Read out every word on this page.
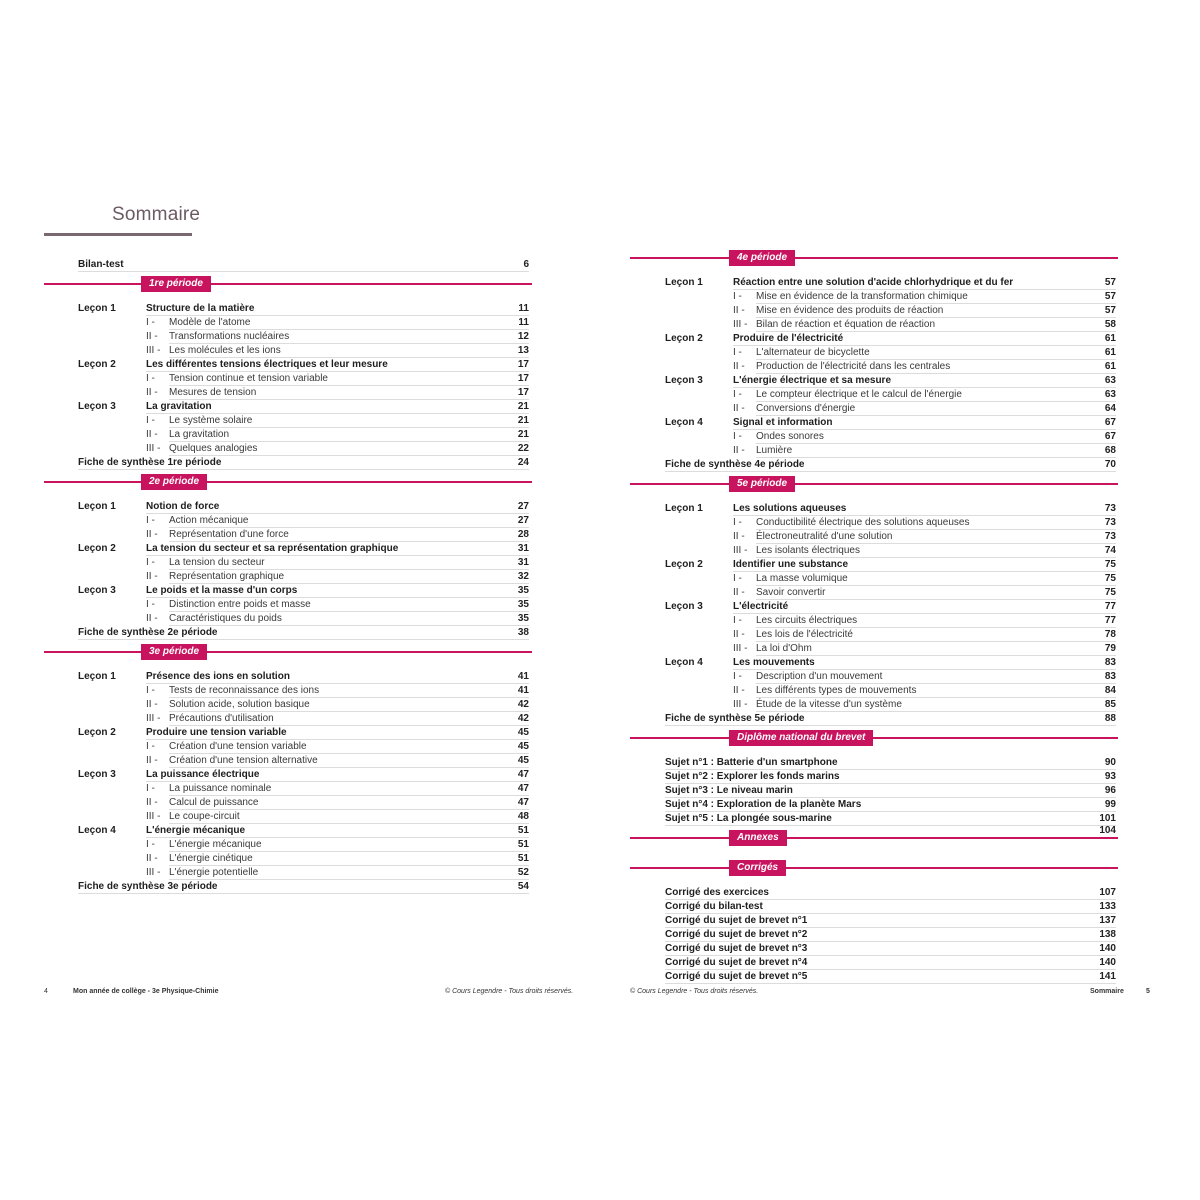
Sommaire
Bilan-test	6
1re période
Leçon 1	Structure de la matière	11
I - Modèle de l'atome	11
II - Transformations nucléaires	12
III - Les molécules et les ions	13
Leçon 2	Les différentes tensions électriques et leur mesure	17
I - Tension continue et tension variable	17
II - Mesures de tension	17
Leçon 3	La gravitation	21
I - Le système solaire	21
II - La gravitation	21
III - Quelques analogies	22
Fiche de synthèse 1re période	24
2e période
Leçon 1	Notion de force	27
I - Action mécanique	27
II - Représentation d'une force	28
Leçon 2	La tension du secteur et sa représentation graphique	31
I - La tension du secteur	31
II - Représentation graphique	32
Leçon 3	Le poids et la masse d'un corps	35
I - Distinction entre poids et masse	35
II - Caractéristiques du poids	35
Fiche de synthèse 2e période	38
3e période
Leçon 1	Présence des ions en solution	41
I - Tests de reconnaissance des ions	41
II - Solution acide, solution basique	42
III - Précautions d'utilisation	42
Leçon 2	Produire une tension variable	45
I - Création d'une tension variable	45
II - Création d'une tension alternative	45
Leçon 3	La puissance électrique	47
I - La puissance nominale	47
II - Calcul de puissance	47
III - Le coupe-circuit	48
Leçon 4	L'énergie mécanique	51
I - L'énergie mécanique	51
II - L'énergie cinétique	51
III - L'énergie potentielle	52
Fiche de synthèse 3e période	54
4	Mon année de collège - 3e Physique-Chimie	© Cours Legendre - Tous droits réservés.
4e période
Leçon 1	Réaction entre une solution d'acide chlorhydrique et du fer	57
I - Mise en évidence de la transformation chimique	57
II - Mise en évidence des produits de réaction	57
III - Bilan de réaction et équation de réaction	58
Leçon 2	Produire de l'électricité	61
I - L'alternateur de bicyclette	61
II - Production de l'électricité dans les centrales	61
Leçon 3	L'énergie électrique et sa mesure	63
I - Le compteur électrique et le calcul de l'énergie	63
II - Conversions d'énergie	64
Leçon 4	Signal et information	67
I - Ondes sonores	67
II - Lumière	68
Fiche de synthèse 4e période	70
5e période
Leçon 1	Les solutions aqueuses	73
I - Conductibilité électrique des solutions aqueuses	73
II - Électroneutralité d'une solution	73
III - Les isolants électriques	74
Leçon 2	Identifier une substance	75
I - La masse volumique	75
II - Savoir convertir	75
Leçon 3	L'électricité	77
I - Les circuits électriques	77
II - Les lois de l'électricité	78
III - La loi d'Ohm	79
Leçon 4	Les mouvements	83
I - Description d'un mouvement	83
II - Les différents types de mouvements	84
III - Étude de la vitesse d'un système	85
Fiche de synthèse 5e période	88
Diplôme national du brevet
Sujet n°1 : Batterie d'un smartphone	90
Sujet n°2 : Explorer les fonds marins	93
Sujet n°3 : Le niveau marin	96
Sujet n°4 : Exploration de la planète Mars	99
Sujet n°5 : La plongée sous-marine	101
Annexes
104
Corrigés
Corrigé des exercices	107
Corrigé du bilan-test	133
Corrigé du sujet de brevet n°1	137
Corrigé du sujet de brevet n°2	138
Corrigé du sujet de brevet n°3	140
Corrigé du sujet de brevet n°4	140
Corrigé du sujet de brevet n°5	141
© Cours Legendre - Tous droits réservés.	Sommaire	5
